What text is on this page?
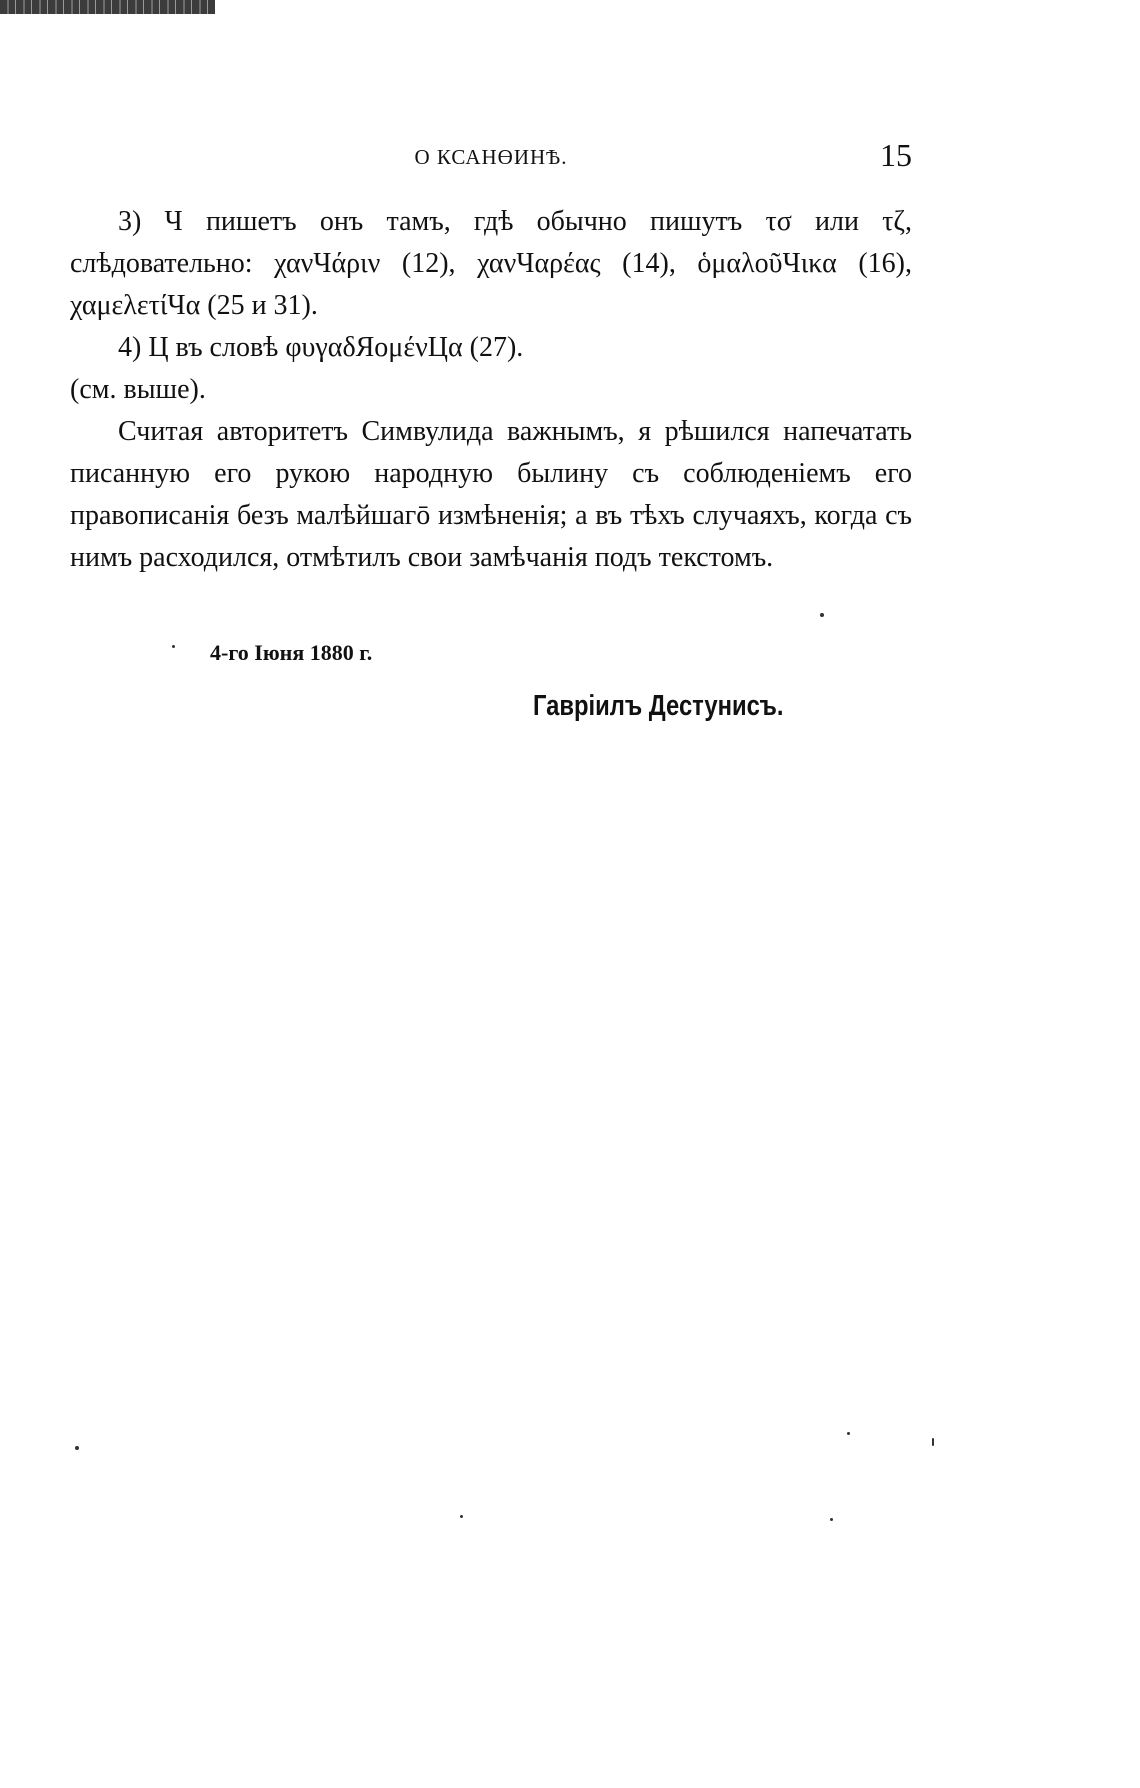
О КСАНӨИНѢ.	15

3) Ч пишетъ онъ тамъ, гдѣ обычно пишутъ τσ или τζ, слѣдовательно: χανЧάριν (12), χανЧαρέας (14), ὁμαλοῦЧικα (16), χαμελετίЧα (25 и 31).

4) Ц въ словѣ φυγαδЯομένЦα (27).

(см. выше).

Считая авторитетъ Симвулида важнымъ, я рѣшился напечатать писанную его рукою народную былину съ соблюденіемъ его правописанія безъ малѣйшагō измѣненія; а въ тѣхъ случаяхъ, когда съ нимъ расходился, отмѣтилъ свои замѣчанія подъ текстомъ.

4-го Іюня 1880 г.
Гавріилъ Дестунисъ.
